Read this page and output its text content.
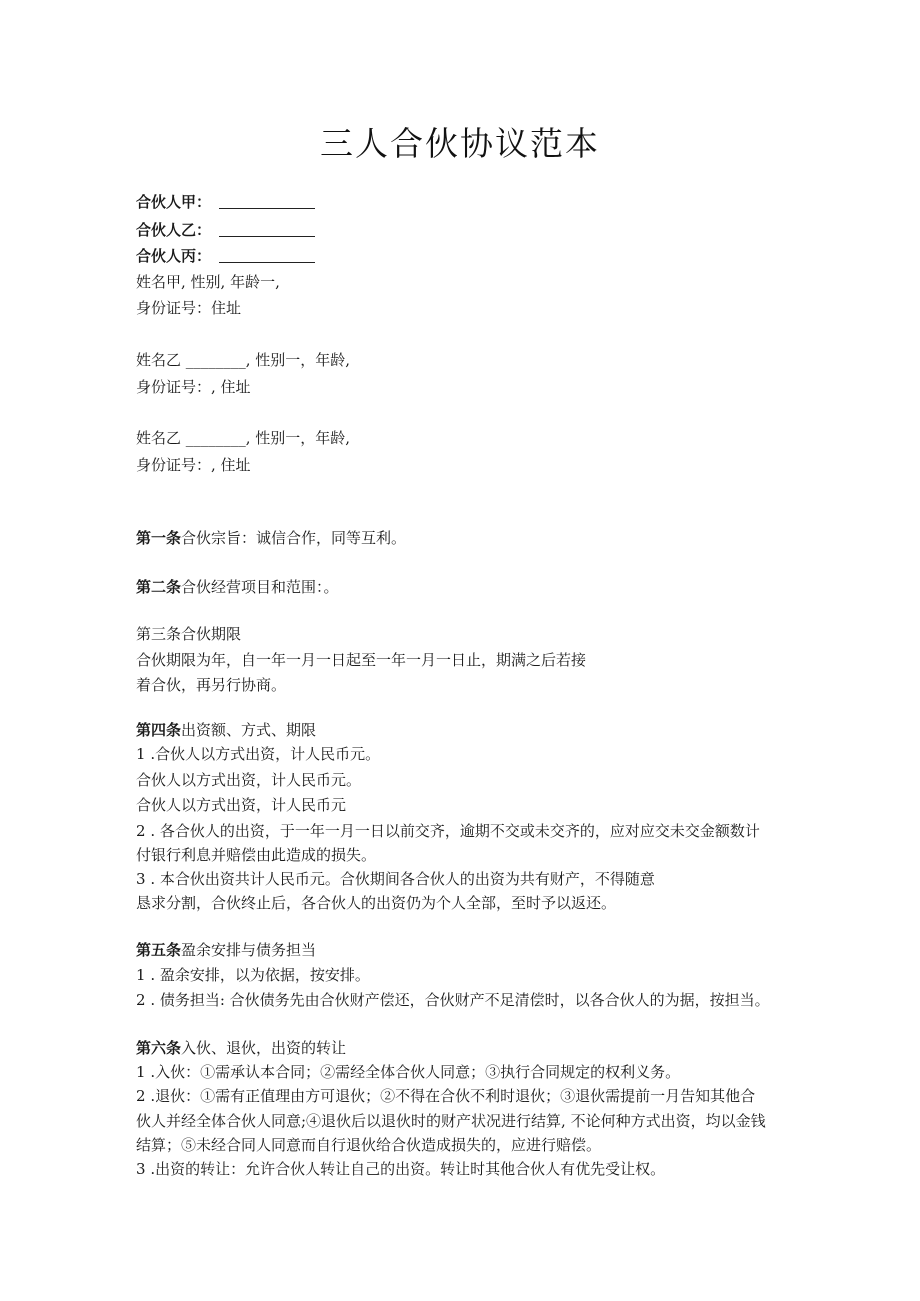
三人合伙协议范本
合伙人甲：
合伙人乙：
合伙人丙：
姓名甲, 性别, 年龄一,
身份证号：住址
姓名乙 ________, 性别一，年龄,
身份证号：, 住址
姓名乙 ________, 性别一，年龄,
身份证号：, 住址
第一条合伙宗旨：诚信合作，同等互利。
第二条合伙经营项目和范围：。
第三条合伙期限
合伙期限为年，自一年一月一日起至一年一月一日止，期满之后若接
着合伙，再另行协商。
第四条出资额、方式、期限
1 .合伙人以方式出资，计人民币元。
合伙人以方式出资，计人民币元。
合伙人以方式出资，计人民币元
2 . 各合伙人的出资，于一年一月一日以前交齐，逾期不交或未交齐的，应对应交未交金额数计
付银行利息并赔偿由此造成的损失。
3 . 本合伙出资共计人民币元。合伙期间各合伙人的出资为共有财产，不得随意
恳求分割，合伙终止后，各合伙人的出资仍为个人全部，至时予以返还。
第五条盈余安排与债务担当
1 . 盈余安排，以为依据，按安排。
2 . 债务担当: 合伙债务先由合伙财产偿还，合伙财产不足清偿时，以各合伙人的为据，按担当。
第六条入伙、退伙，出资的转让
1 .入伙：①需承认本合同；②需经全体合伙人同意；③执行合同规定的权利义务。
2 .退伙：①需有正值理由方可退伙；②不得在合伙不利时退伙；③退伙需提前一月告知其他合
伙人并经全体合伙人同意;④退伙后以退伙时的财产状况进行结算, 不论何种方式出资，均以金钱
结算；⑤未经合同人同意而自行退伙给合伙造成损失的，应进行赔偿。
3 .出资的转让：允许合伙人转让自己的出资。转让时其他合伙人有优先受让权。
